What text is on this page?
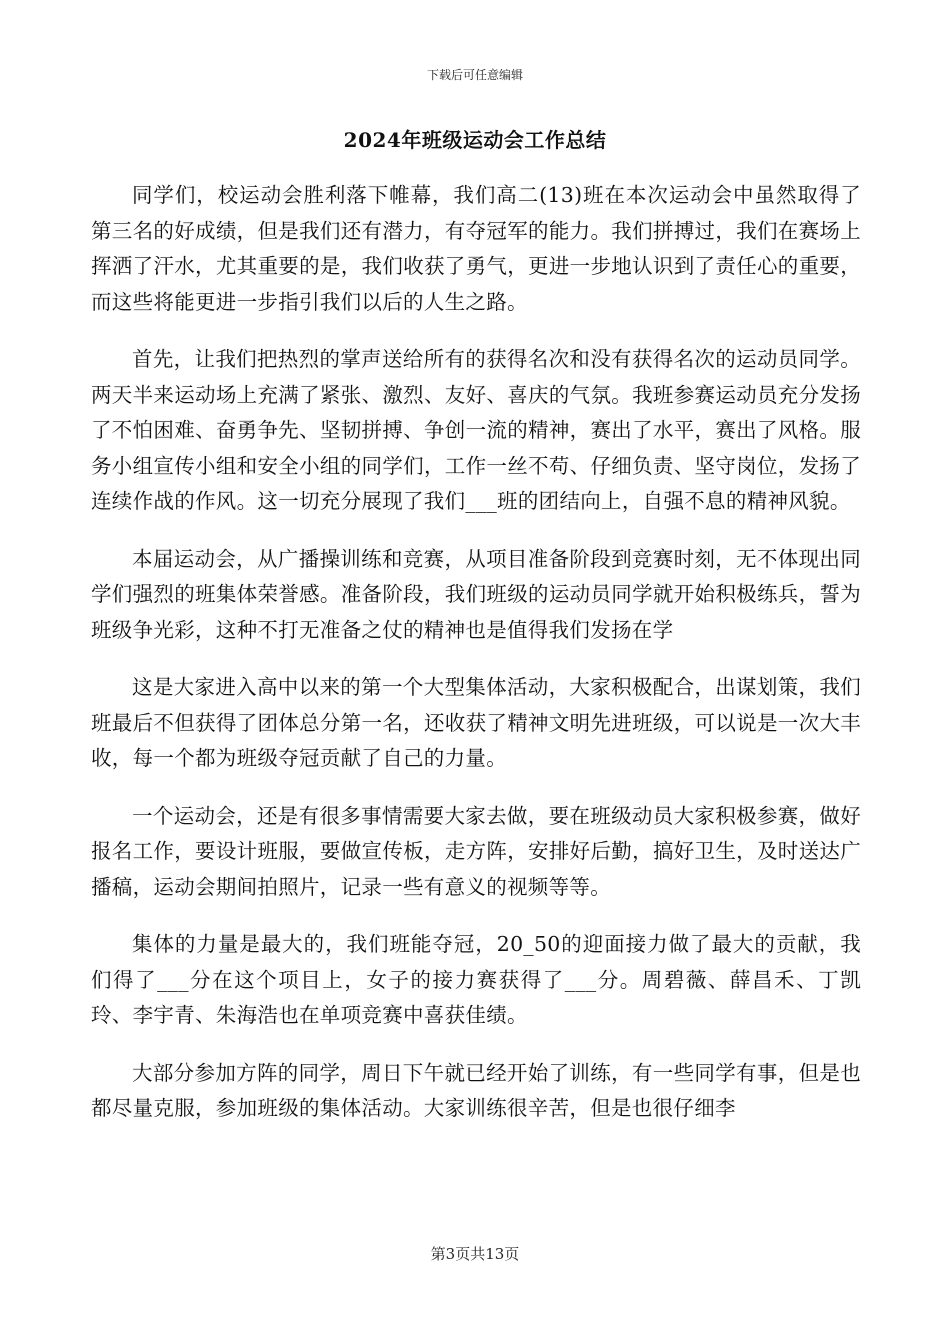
下载后可任意编辑
2024年班级运动会工作总结

同学们，校运动会胜利落下帷幕，我们高二(13)班在本次运动会中虽然取得了第三名的好成绩，但是我们还有潜力，有夺冠军的能力。我们拼搏过，我们在赛场上挥洒了汗水，尤其重要的是，我们收获了勇气，更进一步地认识到了责任心的重要，而这些将能更进一步指引我们以后的人生之路。

首先，让我们把热烈的掌声送给所有的获得名次和没有获得名次的运动员同学。两天半来运动场上充满了紧张、激烈、友好、喜庆的气氛。我班参赛运动员充分发扬了不怕困难、奋勇争先、坚韧拼搏、争创一流的精神，赛出了水平，赛出了风格。服务小组宣传小组和安全小组的同学们，工作一丝不苟、仔细负责、坚守岗位，发扬了连续作战的作风。这一切充分展现了我们___班的团结向上，自强不息的精神风貌。

本届运动会，从广播操训练和竞赛，从项目准备阶段到竞赛时刻，无不体现出同学们强烈的班集体荣誉感。准备阶段，我们班级的运动员同学就开始积极练兵，誓为班级争光彩，这种不打无准备之仗的精神也是值得我们发扬在学

这是大家进入高中以来的第一个大型集体活动，大家积极配合，出谋划策，我们班最后不但获得了团体总分第一名，还收获了精神文明先进班级，可以说是一次大丰收，每一个都为班级夺冠贡献了自己的力量。

一个运动会，还是有很多事情需要大家去做，要在班级动员大家积极参赛，做好报名工作，要设计班服，要做宣传板，走方阵，安排好后勤，搞好卫生，及时送达广播稿，运动会期间拍照片，记录一些有意义的视频等等。

集体的力量是最大的，我们班能夺冠，20_50的迎面接力做了最大的贡献，我们得了___分在这个项目上，女子的接力赛获得了___分。周碧薇、薛昌禾、丁凯玲、李宇青、朱海浩也在单项竞赛中喜获佳绩。

大部分参加方阵的同学，周日下午就已经开始了训练，有一些同学有事，但是也都尽量克服，参加班级的集体活动。大家训练很辛苦，但是也很仔细李

第3页共13页
